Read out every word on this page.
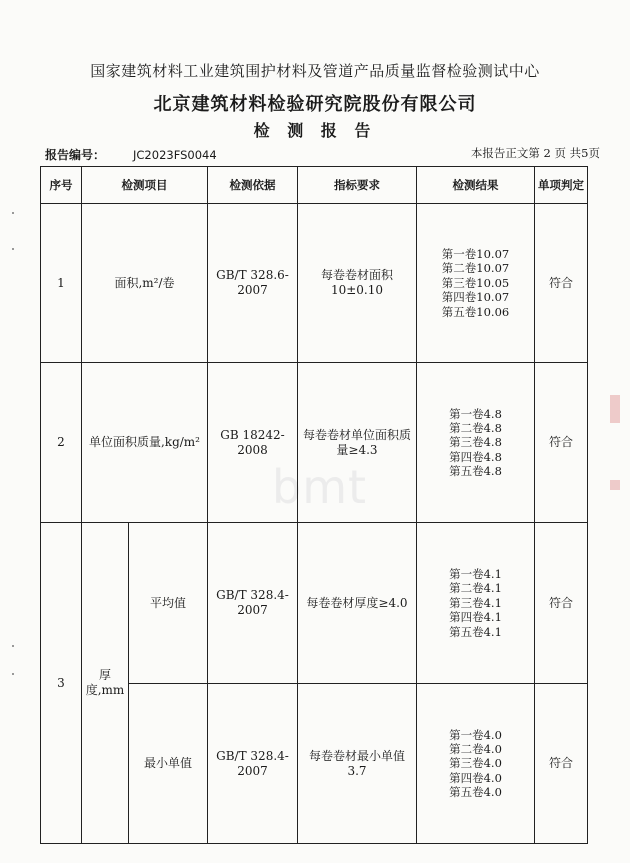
国家建筑材料工业建筑围护材料及管道产品质量监督检验测试中心
北京建筑材料检验研究院股份有限公司
检 测 报 告
报告编号： JC2023FS0044	本报告正文第 2 页 共5页
bmt
序号	检测项目		检测依据	指标要求	检测结果	单项判定
1	面积,m²/卷		GB/T 328.6-2007	每卷卷材面积10±0.10	第一卷10.07
第二卷10.07
第三卷10.05
第四卷10.07
第五卷10.06	符合
2	单位面积质量,kg/m²		GB 18242-2008	每卷卷材单位面积质量≥4.3	第一卷4.8
第二卷4.8
第三卷4.8
第四卷4.8
第五卷4.8	符合
3	厚度,mm	平均值	GB/T 328.4-2007	每卷卷材厚度≥4.0	第一卷4.1
第二卷4.1
第三卷4.1
第四卷4.1
第五卷4.1	符合
		最小单值	GB/T 328.4-2007	每卷卷材最小单值3.7	第一卷4.0
第二卷4.0
第三卷4.0
第四卷4.0
第五卷4.0	符合
